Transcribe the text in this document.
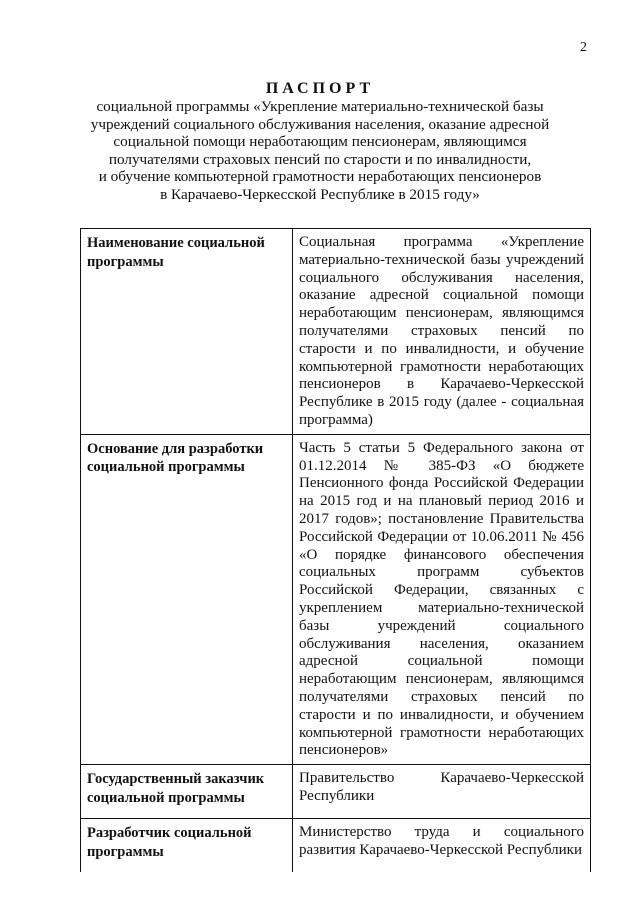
2
ПАСПОРТ
социальной программы «Укрепление материально-технической базы
учреждений социального обслуживания населения, оказание адресной
социальной помощи неработающим пенсионерам, являющимся
получателями страховых пенсий по старости и по инвалидности,
и обучение компьютерной грамотности неработающих пенсионеров
в Карачаево-Черкесской Республике в 2015 году»
Наименование социальной программы	Социальная программа «Укрепление материально-технической базы учреждений социального обслуживания населения, оказание адресной социальной помощи неработающим пенсионерам, являющимся получателями страховых пенсий по старости и по инвалидности, и обучение компьютерной грамотности неработающих пенсионеров в Карачаево-Черкесской Республике в 2015 году (далее - социальная программа)

Основание для разработки социальной программы	Часть 5 статьи 5 Федерального закона от 01.12.2014 № 385-ФЗ «О бюджете Пенсионного фонда Российской Федерации на 2015 год и на плановый период 2016 и 2017 годов»; постановление Правительства Российской Федерации от 10.06.2011 № 456 «О порядке финансового обеспечения социальных программ субъектов Российской Федерации, связанных с укреплением материально-технической базы учреждений социального обслуживания населения, оказанием адресной социальной помощи неработающим пенсионерам, являющимся получателями страховых пенсий по старости и по инвалидности, и обучением компьютерной грамотности неработающих пенсионеров»

Государственный заказчик социальной программы	Правительство Карачаево-Черкесской Республики

Разработчик социальной программы	Министерство труда и социального развития Карачаево-Черкесской Республики
